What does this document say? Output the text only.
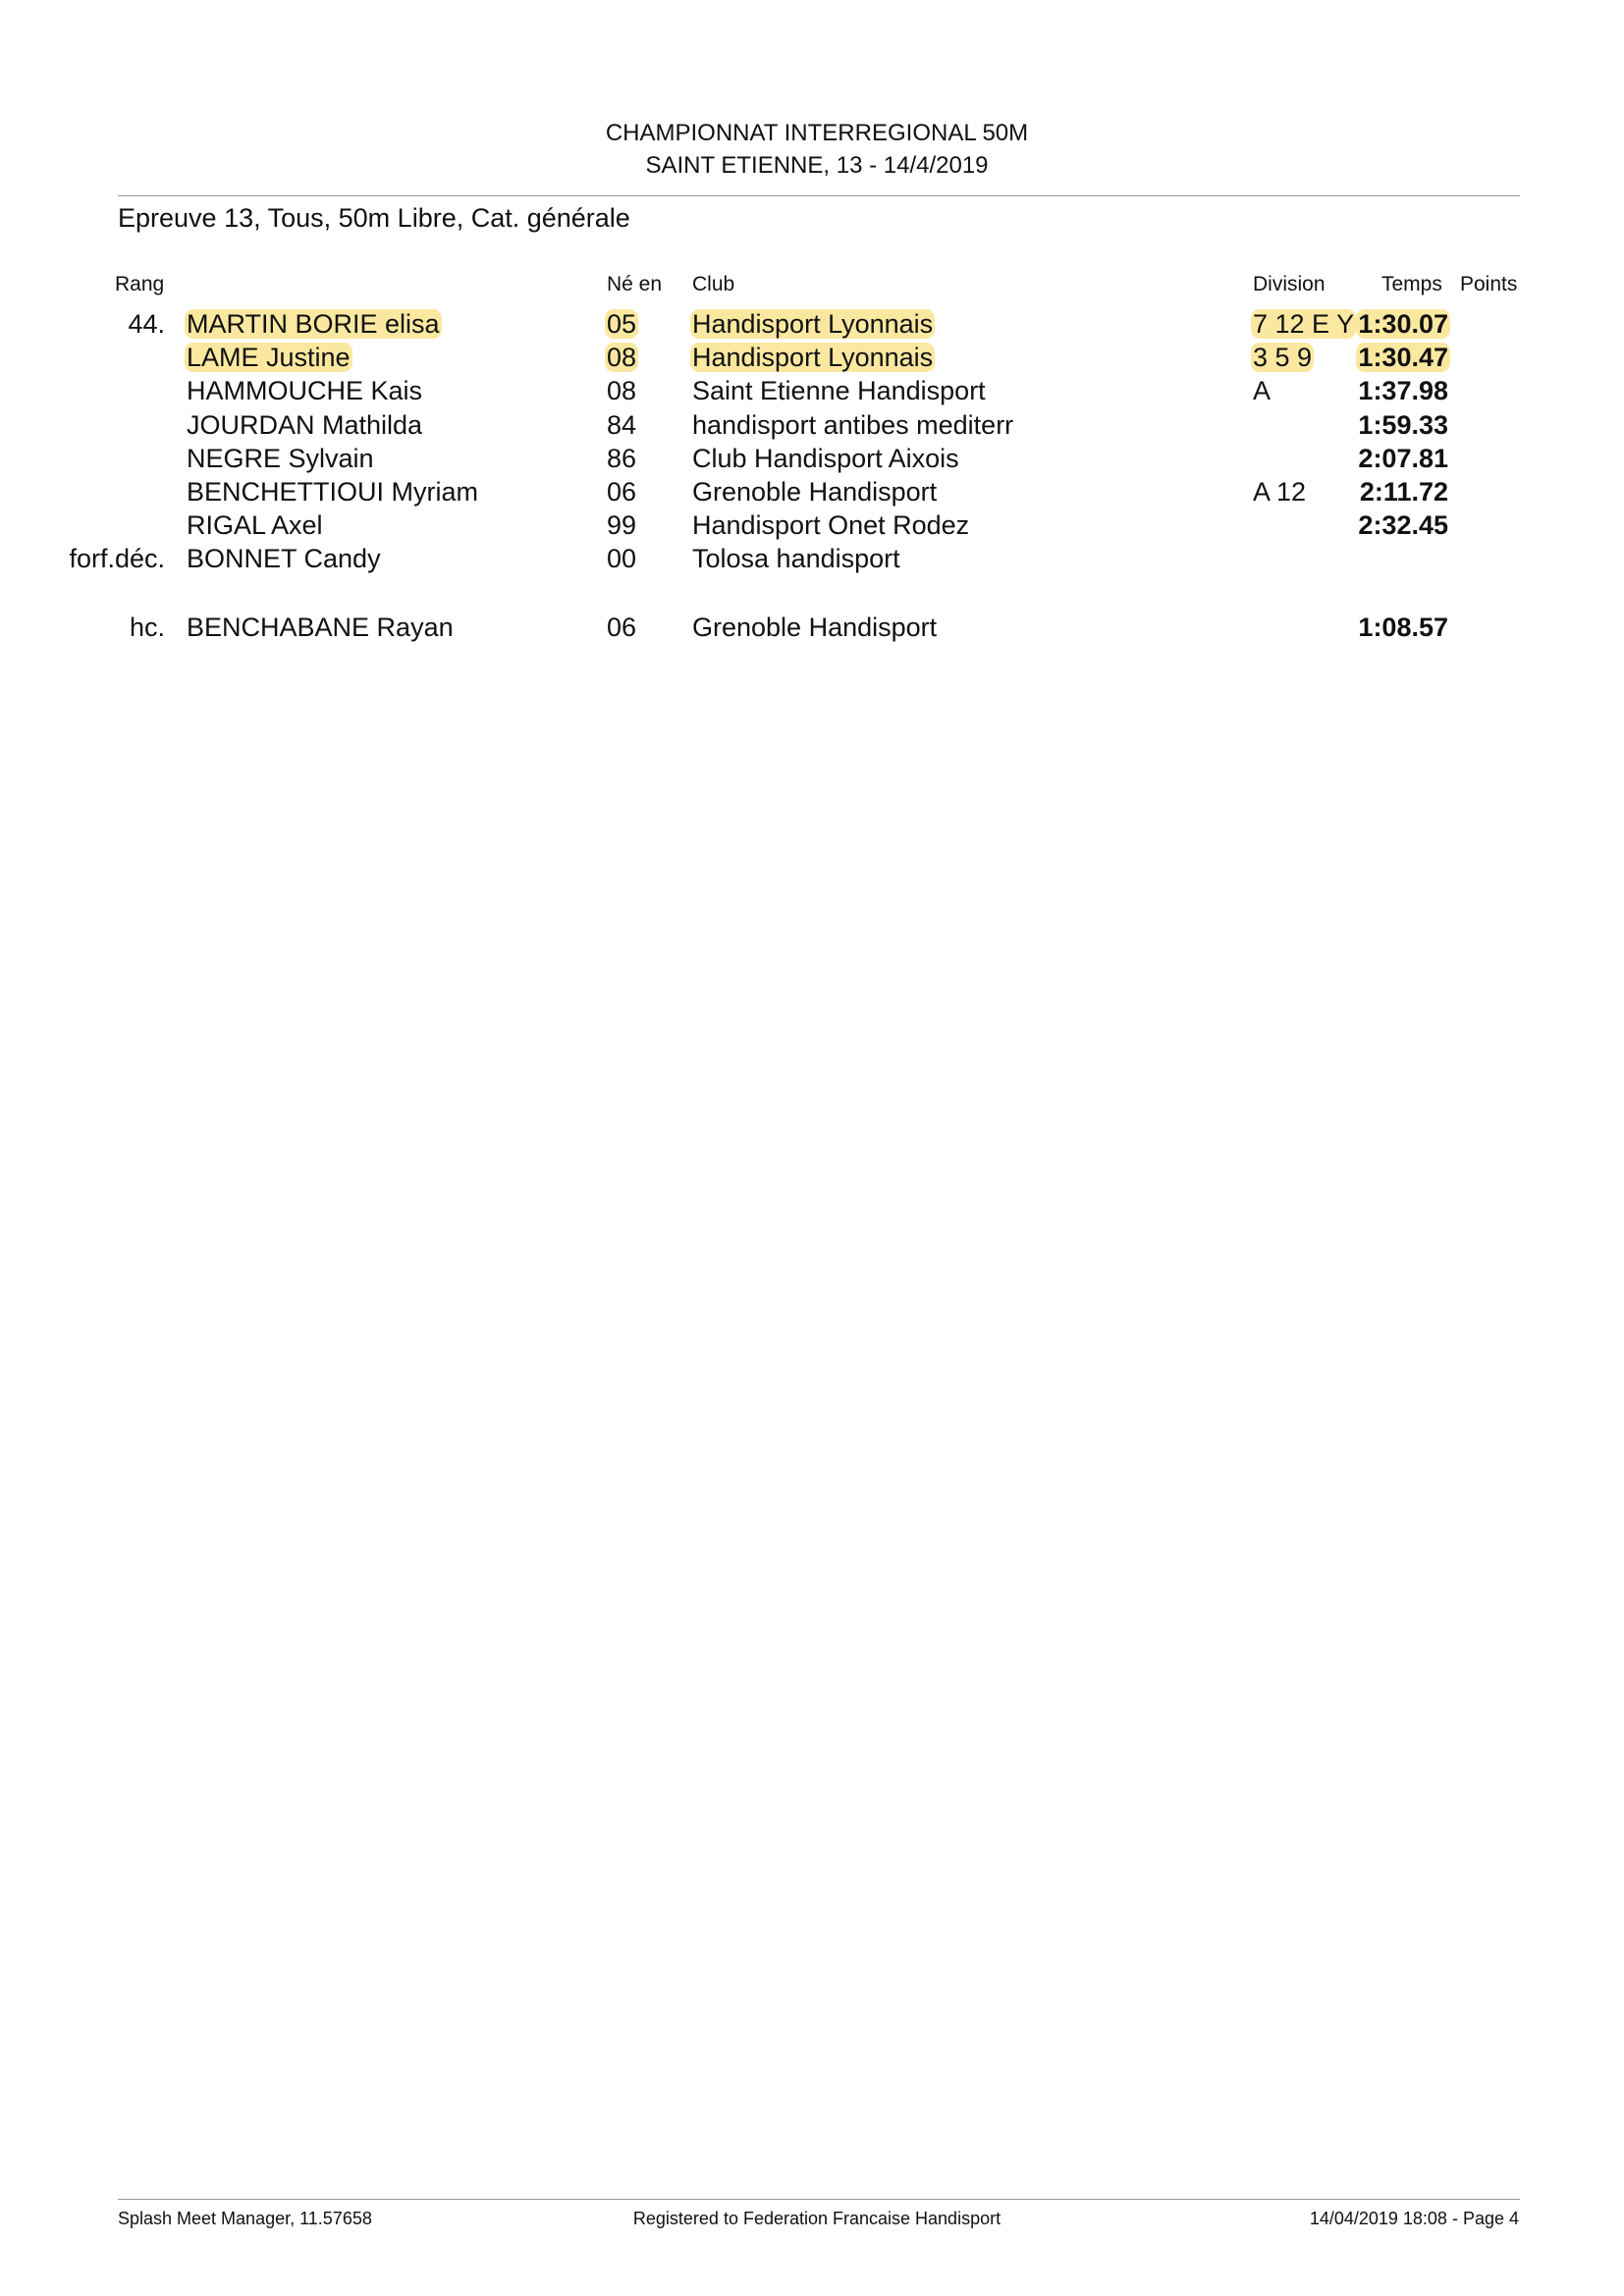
CHAMPIONNAT INTERREGIONAL 50M
SAINT ETIENNE, 13 - 14/4/2019
Epreuve 13, Tous, 50m Libre, Cat. générale
Rang	Né en Club	Division	Temps Points
44. MARTIN BORIE elisa	05 Handisport Lyonnais	7 12 E Y 1:30.07
LAME Justine	08 Handisport Lyonnais	3 5 9	1:30.47
HAMMOUCHE Kais	08 Saint Etienne Handisport	A	1:37.98
JOURDAN Mathilda	84 handisport antibes mediterr	1:59.33
NEGRE Sylvain	86 Club Handisport Aixois	2:07.81
BENCHETTIOUI Myriam	06 Grenoble Handisport	A 12	2:11.72
RIGAL Axel	99 Handisport Onet Rodez	2:32.45
forf.déc. BONNET Candy	00 Tolosa handisport
hc. BENCHABANE Rayan	06 Grenoble Handisport	1:08.57
Splash Meet Manager, 11.57658	Registered to Federation Francaise Handisport	14/04/2019 18:08 - Page 4
